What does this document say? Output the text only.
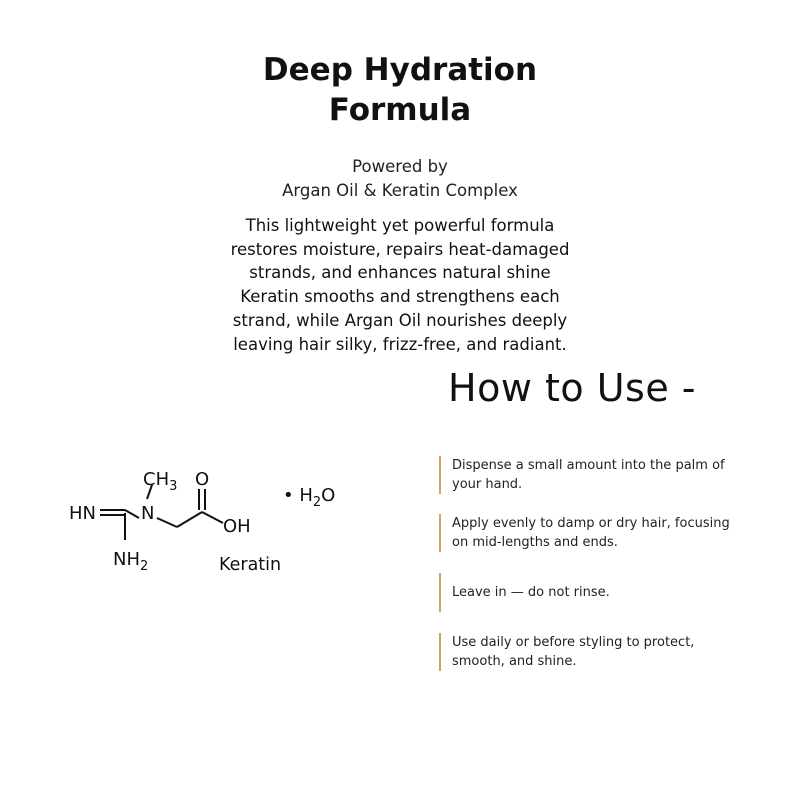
Deep Hydration
Formula
Powered by
Argan Oil & Keratin Complex
This lightweight yet powerful formula
restores moisture, repairs heat-damaged
strands, and enhances natural shine
Keratin smooths and strengthens each
strand, while Argan Oil nourishes deeply
leaving hair silky, frizz-free, and radiant.
How to Use -
Dispense a small amount into the palm of
your hand.
Apply evenly to damp or dry hair, focusing
on mid-lengths and ends.
Leave in — do not rinse.
Use daily or before styling to protect,
smooth, and shine.
$CH_3$
N
HN
$NH_2$
O
OH
• $H_2O$
Keratin
